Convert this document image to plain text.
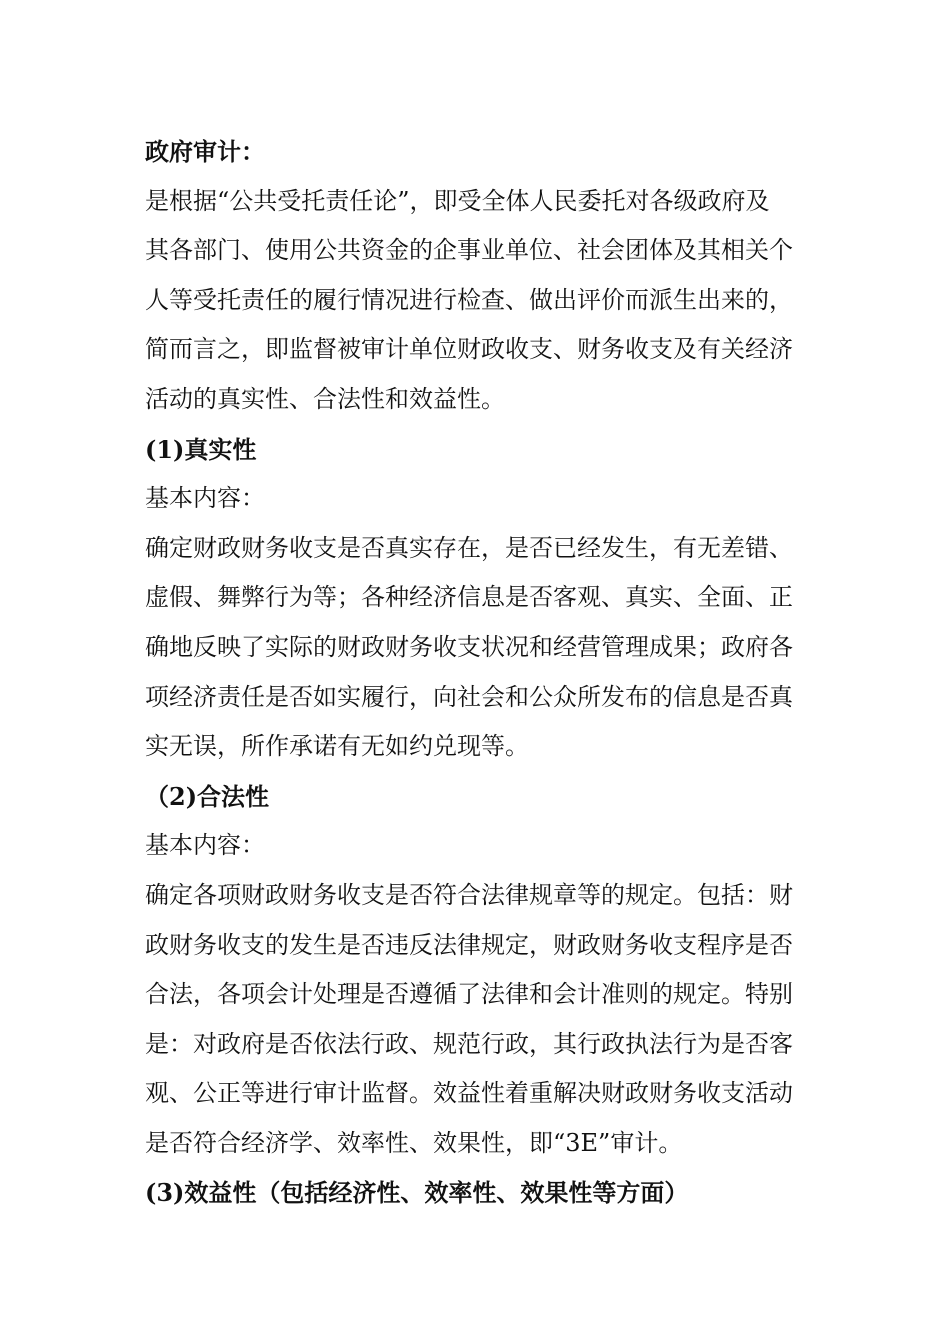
政府审计：
是根据“公共受托责任论”，即受全体人民委托对各级政府及
其各部门、使用公共资金的企事业单位、社会团体及其相关个
人等受托责任的履行情况进行检查、做出评价而派生出来的，
简而言之，即监督被审计单位财政收支、财务收支及有关经济
活动的真实性、合法性和效益性。
(1)真实性
基本内容：
确定财政财务收支是否真实存在，是否已经发生，有无差错、
虚假、舞弊行为等；各种经济信息是否客观、真实、全面、正
确地反映了实际的财政财务收支状况和经营管理成果；政府各
项经济责任是否如实履行，向社会和公众所发布的信息是否真
实无误，所作承诺有无如约兑现等。
（2)合法性
基本内容：
确定各项财政财务收支是否符合法律规章等的规定。包括：财
政财务收支的发生是否违反法律规定，财政财务收支程序是否
合法，各项会计处理是否遵循了法律和会计准则的规定。特别
是：对政府是否依法行政、规范行政，其行政执法行为是否客
观、公正等进行审计监督。效益性着重解决财政财务收支活动
是否符合经济学、效率性、效果性，即“3E”审计。
(3)效益性（包括经济性、效率性、效果性等方面）
